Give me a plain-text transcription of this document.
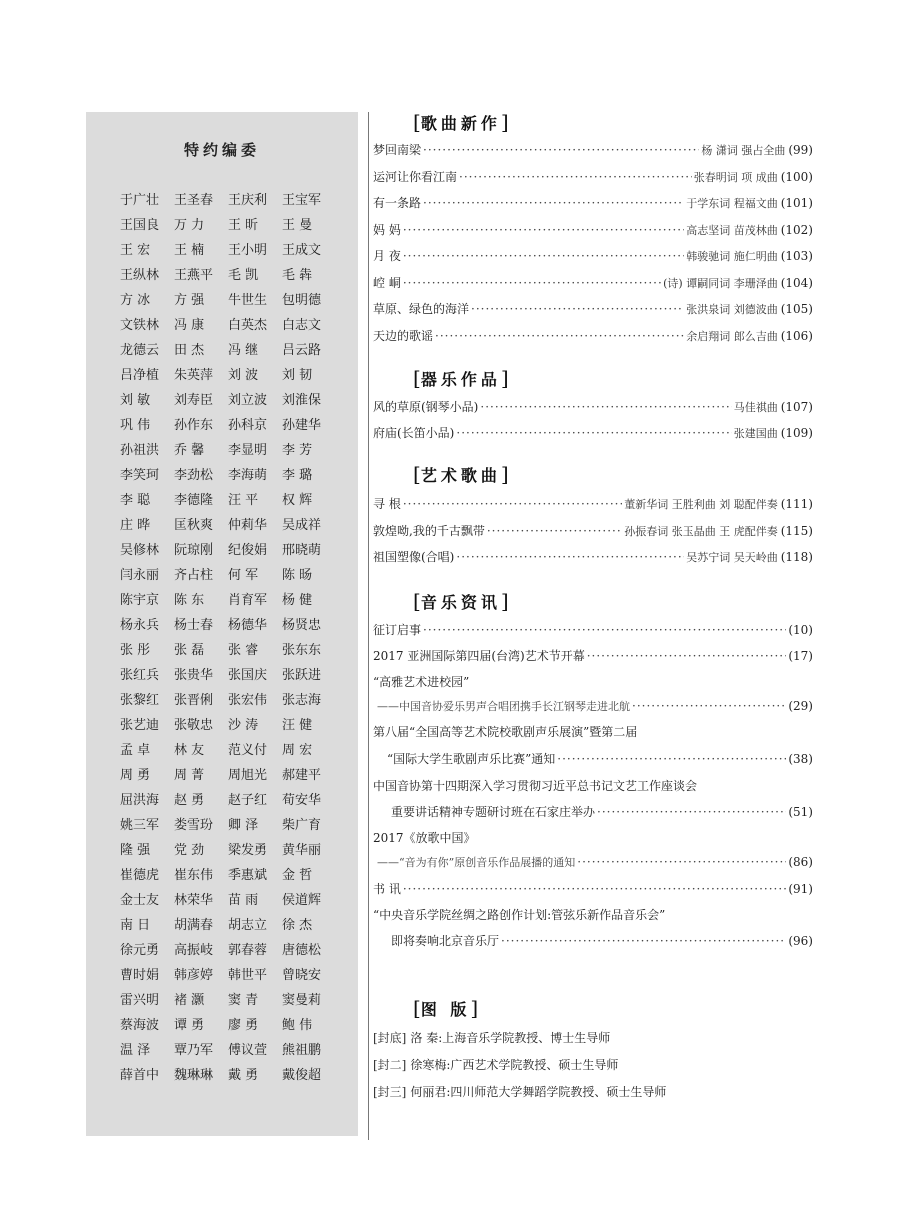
特约编委
于广壮 王圣春 王庆利 王宝军
王国良 万 力 王 昕 王 曼
王 宏 王 楠 王小明 王成文
王纵林 王燕平 毛 凯 毛 犇
方 冰 方 强 牛世生 包明德
文铁林 冯 康 白英杰 白志文
龙德云 田 杰 冯 继 吕云路
吕净植 朱英萍 刘 波 刘 韧
刘 敏 刘寿臣 刘立波 刘淮保
巩 伟 孙作东 孙科京 孙建华
孙祖洪 乔 馨 李显明 李 芳
李笑珂 李劲松 李海萌 李 璐
李 聪 李德隆 汪 平 权 辉
庄 晔 匡秋爽 仲莉华 吴成祥
吴修林 阮琼刚 纪俊娟 邢晓萌
闫永丽 齐占柱 何 军 陈 旸
陈宇京 陈 东 肖育军 杨 健
杨永兵 杨士春 杨德华 杨贤忠
张 彤 张 磊 张 睿 张东东
张红兵 张贵华 张国庆 张跃进
张黎红 张晋俐 张宏伟 张志海
张艺迪 张敬忠 沙 涛 汪 健
孟 卓 林 友 范义付 周 宏
周 勇 周 菁 周旭光 郝建平
屈洪海 赵 勇 赵子红 荀安华
姚三军 娄雪玢 卿 泽 柴广育
隆 强 党 劲 梁发勇 黄华丽
崔德虎 崔东伟 季惠斌 金 哲
金士友 林荣华 苗 雨 侯道辉
南 日 胡满春 胡志立 徐 杰
徐元勇 高振岐 郭春蓉 唐德松
曹时娟 韩彦婷 韩世平 曾晓安
雷兴明 褚 灏 窦 青 窦曼莉
蔡海波 谭 勇 廖 勇 鲍 伟
温 泽 覃乃军 傅议萱 熊祖鹏
薛首中 魏琳琳 戴 勇 戴俊超
[歌曲新作]
梦回南梁 ·····	杨 潇词 强占全曲 (99)
运河让你看江南 ·····	张春明词 项 成曲 (100)
有一条路 ·····	于学东词 程福文曲 (101)
妈 妈 ·····	高志坚词 苗茂林曲 (102)
月 夜 ·····	韩骏驰词 施仁明曲 (103)
崆 峒 ·····	(诗) 谭嗣同词 李珊泽曲 (104)
草原、绿色的海洋 ·····	张洪泉词 刘德波曲 (105)
天边的歌谣 ·····	余启翔词 郎么吉曲 (106)
[器乐作品]
风的草原(钢琴小品) ·····	马佳祺曲 (107)
府庙(长笛小品) ·····	张建国曲 (109)
[艺术歌曲]
寻 根 ·····	董新华词 王胜利曲 刘 聪配伴奏 (111)
敦煌呦,我的千古飘带 ·····	孙振春词 张玉晶曲 王 虎配伴奏 (115)
祖国塑像(合唱) ·····	吴苏宁词 吴天岭曲 (118)
[音乐资讯]
征订启事 ·····	(10)
2017 亚洲国际第四届(台湾)艺术节开幕 ·····	(17)
“高雅艺术进校园”
——中国音协爱乐男声合唱团携手长江钢琴走进北航 ·····	(29)
第八届“全国高等艺术院校歌剧声乐展演”暨第二届
“国际大学生歌剧声乐比赛”通知 ·····	(38)
中国音协第十四期深入学习贯彻习近平总书记文艺工作座谈会
重要讲话精神专题研讨班在石家庄举办 ·····	(51)
2017《放歌中国》
——“音为有你”原创音乐作品展播的通知 ·····	(86)
书 讯 ·····	(91)
“中央音乐学院丝绸之路创作计划:管弦乐新作品音乐会”
即将奏响北京音乐厅 ·····	(96)
[图 版]
[封底] 洛 秦:上海音乐学院教授、博士生导师
[封二] 徐寒梅:广西艺术学院教授、硕士生导师
[封三] 何丽君:四川师范大学舞蹈学院教授、硕士生导师
